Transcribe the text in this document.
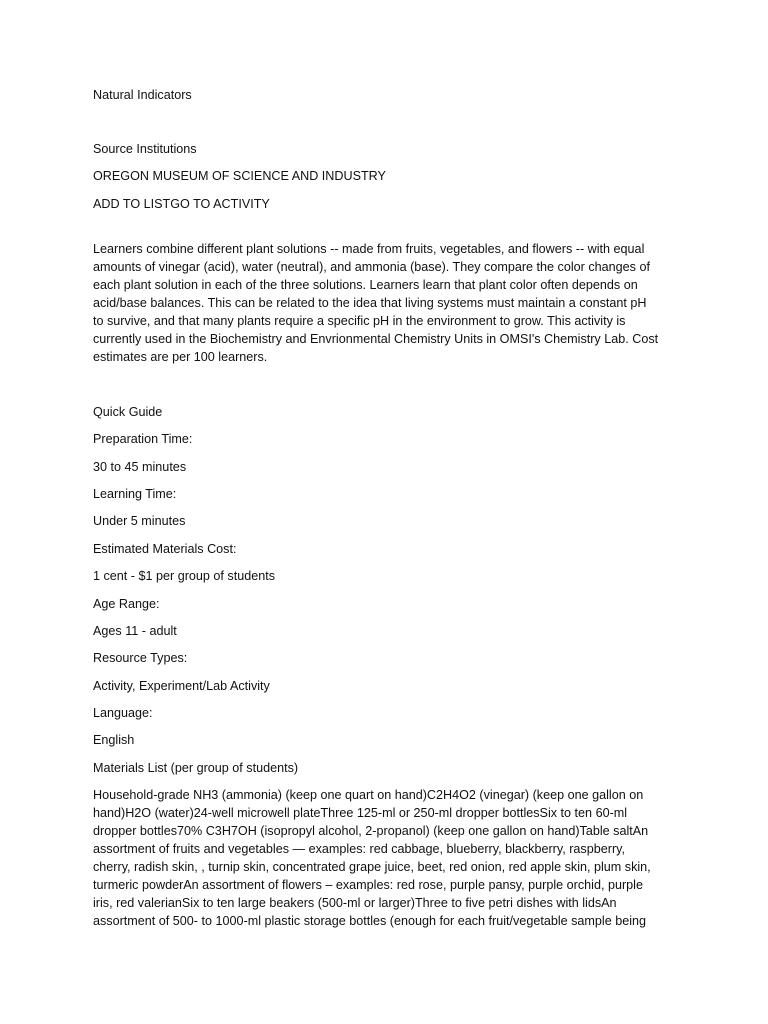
Natural Indicators

Source Institutions

OREGON MUSEUM OF SCIENCE AND INDUSTRY

ADD TO LISTGO TO ACTIVITY

Learners combine different plant solutions -- made from fruits, vegetables, and flowers -- with equal

amounts of vinegar (acid), water (neutral), and ammonia (base). They compare the color changes of

each plant solution in each of the three solutions. Learners learn that plant color often depends on

acid/base balances. This can be related to the idea that living systems must maintain a constant pH

to survive, and that many plants require a specific pH in the environment to grow. This activity is

currently used in the Biochemistry and Envrionmental Chemistry Units in OMSI's Chemistry Lab. Cost

estimates are per 100 learners.

Quick Guide

Preparation Time:

30 to 45 minutes

Learning Time:

Under 5 minutes

Estimated Materials Cost:

1 cent - $1 per group of students

Age Range:

Ages 11 - adult

Resource Types:

Activity, Experiment/Lab Activity

Language:

English

Materials List (per group of students)

Household-grade NH3 (ammonia) (keep one quart on hand)C2H4O2 (vinegar) (keep one gallon on

hand)H2O (water)24-well microwell plateThree 125-ml or 250-ml dropper bottlesSix to ten 60-ml

dropper bottles70% C3H7OH (isopropyl alcohol, 2-propanol) (keep one gallon on hand)Table saltAn

assortment of fruits and vegetables — examples: red cabbage, blueberry, blackberry, raspberry,

cherry, radish skin, , turnip skin, concentrated grape juice, beet, red onion, red apple skin, plum skin,

turmeric powderAn assortment of flowers – examples: red rose, purple pansy, purple orchid, purple

iris, red valerianSix to ten large beakers (500-ml or larger)Three to five petri dishes with lidsAn

assortment of 500- to 1000-ml plastic storage bottles (enough for each fruit/vegetable sample being
